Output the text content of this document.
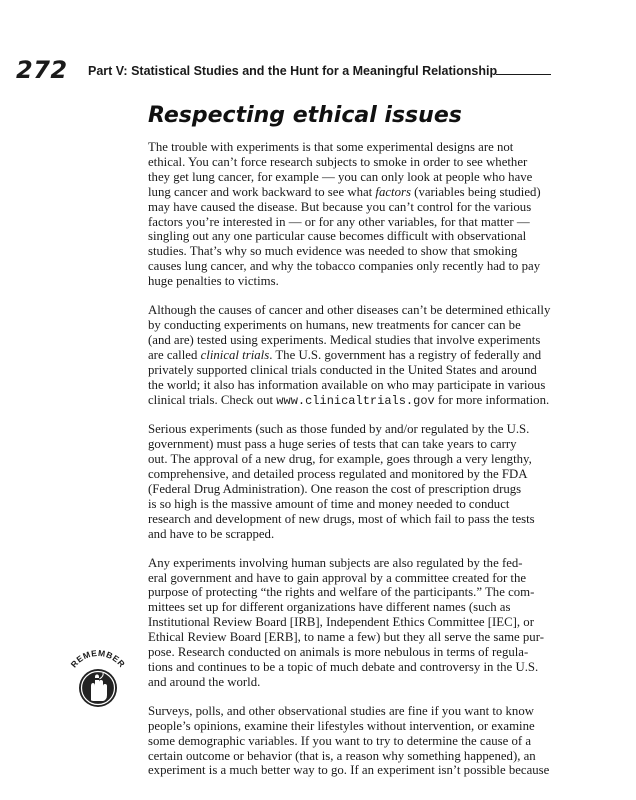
272 Part V: Statistical Studies and the Hunt for a Meaningful Relationship
Respecting ethical issues

The trouble with experiments is that some experimental designs are not
ethical. You can’t force research subjects to smoke in order to see whether
they get lung cancer, for example — you can only look at people who have
lung cancer and work backward to see what factors (variables being studied)
may have caused the disease. But because you can’t control for the various
factors you’re interested in — or for any other variables, for that matter —
singling out any one particular cause becomes difficult with observational
studies. That’s why so much evidence was needed to show that smoking
causes lung cancer, and why the tobacco companies only recently had to pay
huge penalties to victims.

Although the causes of cancer and other diseases can’t be determined ethically
by conducting experiments on humans, new treatments for cancer can be
(and are) tested using experiments. Medical studies that involve experiments
are called clinical trials. The U.S. government has a registry of federally and
privately supported clinical trials conducted in the United States and around
the world; it also has information available on who may participate in various
clinical trials. Check out www.clinicaltrials.gov for more information.

Serious experiments (such as those funded by and/or regulated by the U.S.
government) must pass a huge series of tests that can take years to carry
out. The approval of a new drug, for example, goes through a very lengthy,
comprehensive, and detailed process regulated and monitored by the FDA
(Federal Drug Administration). One reason the cost of prescription drugs
is so high is the massive amount of time and money needed to conduct
research and development of new drugs, most of which fail to pass the tests
and have to be scrapped.

Any experiments involving human subjects are also regulated by the fed-
eral government and have to gain approval by a committee created for the
purpose of protecting “the rights and welfare of the participants.” The com-
mittees set up for different organizations have different names (such as
Institutional Review Board [IRB], Independent Ethics Committee [IEC], or
Ethical Review Board [ERB], to name a few) but they all serve the same pur-
pose. Research conducted on animals is more nebulous in terms of regula-
tions and continues to be a topic of much debate and controversy in the U.S.
and around the world.

Surveys, polls, and other observational studies are fine if you want to know
people’s opinions, examine their lifestyles without intervention, or examine
some demographic variables. If you want to try to determine the cause of a
certain outcome or behavior (that is, a reason why something happened), an
experiment is a much better way to go. If an experiment isn’t possible because

REMEMBER
